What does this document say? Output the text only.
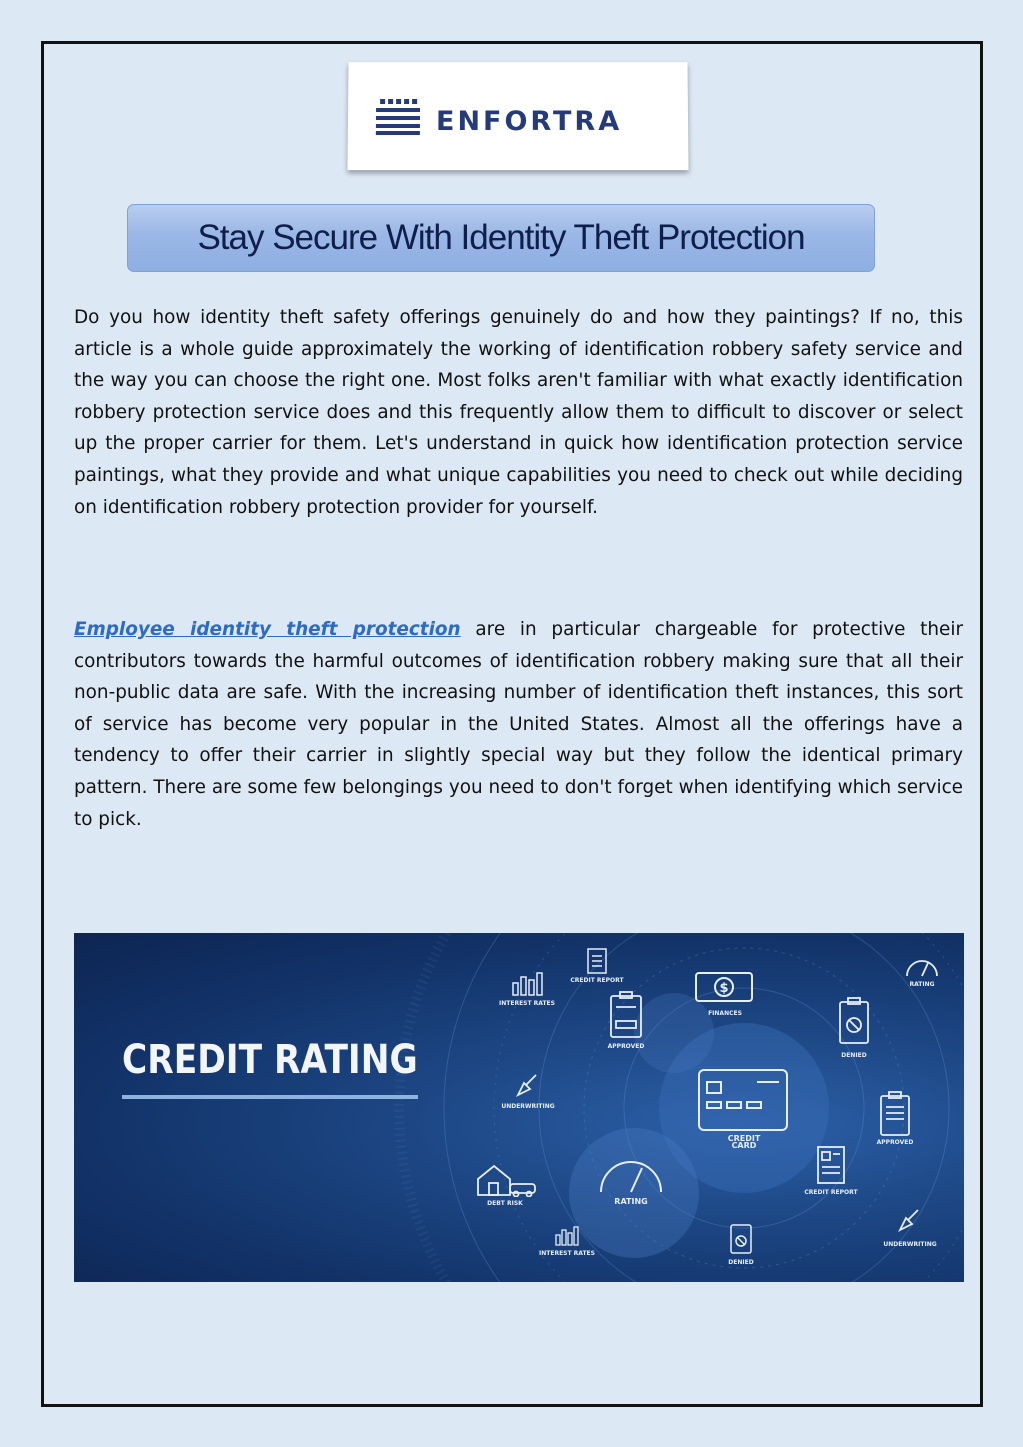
ENFORTRA
Stay Secure With Identity Theft Protection

Do you how identity theft safety offerings genuinely do and how they paintings? If no, this article is a whole guide approximately the working of identification robbery safety service and the way you can choose the right one. Most folks aren't familiar with what exactly identification robbery protection service does and this frequently allow them to difficult to discover or select up the proper carrier for them. Let's understand in quick how identification protection service paintings, what they provide and what unique capabilities you need to check out while deciding on identification robbery protection provider for yourself.

Employee identity theft protection are in particular chargeable for protective their contributors towards the harmful outcomes of identification robbery making sure that all their non-public data are safe. With the increasing number of identification theft instances, this sort of service has become very popular in the United States. Almost all the offerings have a tendency to offer their carrier in slightly special way but they follow the identical primary pattern. There are some few belongings you need to don't forget when identifying which service to pick.

CREDIT RATING
INTEREST RATES
CREDIT REPORT
$
FINANCES
APPROVED
RATING
DENIED
UNDERWRITING
CREDIT CARD	APPROVED
RATING
CREDIT REPORT
DEBT RISK
INTEREST RATES
DENIED
UNDERWRITING
